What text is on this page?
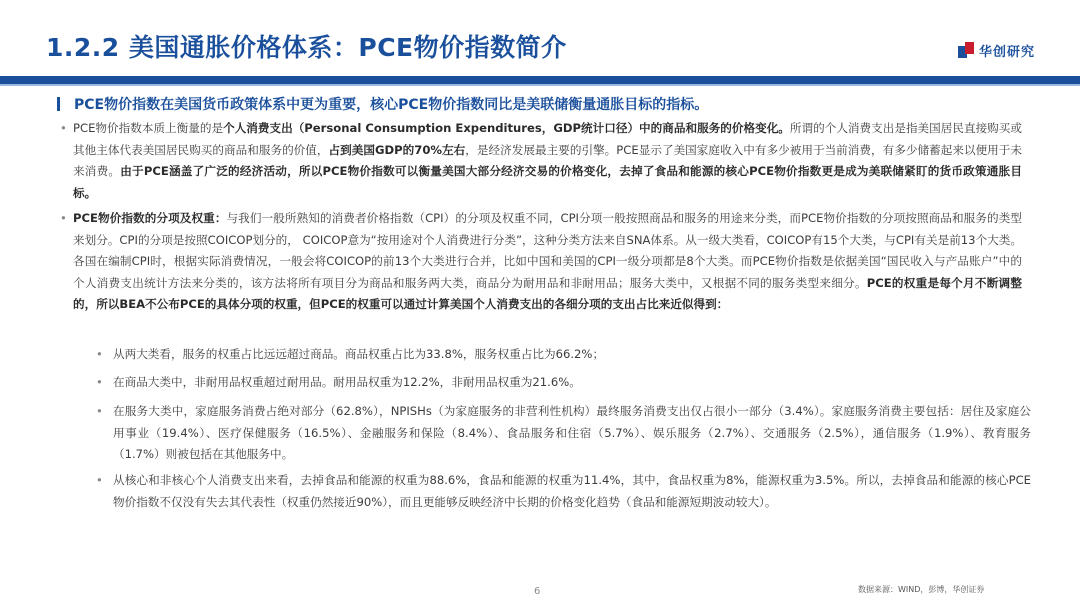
1.2.2 美国通胀价格体系：PCE物价指数简介	华创研究
PCE物价指数在美国货币政策体系中更为重要，核心PCE物价指数同比是美联储衡量通胀目标的指标。
• PCE物价指数本质上衡量的是个人消费支出（Personal Consumption Expenditures，GDP统计口径）中的商品和服务的价格变化。所谓的个人消费支出是指美国居民直接购买或其他主体代表美国居民购买的商品和服务的价值，占到美国GDP的70%左右，是经济发展最主要的引擎。PCE显示了美国家庭收入中有多少被用于当前消费，有多少储蓄起来以便用于未来消费。由于PCE涵盖了广泛的经济活动，所以PCE物价指数可以衡量美国大部分经济交易的价格变化，去掉了食品和能源的核心PCE物价指数更是成为美联储紧盯的货币政策通胀目标。
• PCE物价指数的分项及权重：与我们一般所熟知的消费者价格指数（CPI）的分项及权重不同，CPI分项一般按照商品和服务的用途来分类，而PCE物价指数的分项按照商品和服务的类型来划分。CPI的分项是按照COICOP划分的， COICOP意为“按用途对个人消费进行分类”，这种分类方法来自SNA体系。从一级大类看，COICOP有15个大类，与CPI有关是前13个大类。各国在编制CPI时，根据实际消费情况，一般会将COICOP的前13个大类进行合并，比如中国和美国的CPI一级分项都是8个大类。而PCE物价指数是依据美国“国民收入与产品账户”中的个人消费支出统计方法来分类的，该方法将所有项目分为商品和服务两大类，商品分为耐用品和非耐用品；服务大类中，又根据不同的服务类型来细分。PCE的权重是每个月不断调整的，所以BEA不公布PCE的具体分项的权重，但PCE的权重可以通过计算美国个人消费支出的各细分项的支出占比来近似得到：
• 从两大类看，服务的权重占比远远超过商品。商品权重占比为33.8%，服务权重占比为66.2%；
• 在商品大类中，非耐用品权重超过耐用品。耐用品权重为12.2%，非耐用品权重为21.6%。
• 在服务大类中，家庭服务消费占绝对部分（62.8%），NPISHs（为家庭服务的非营利性机构）最终服务消费支出仅占很小一部分（3.4%）。家庭服务消费主要包括：居住及家庭公用事业（19.4%）、医疗保健服务（16.5%）、金融服务和保险（8.4%）、食品服务和住宿（5.7%）、娱乐服务（2.7%）、交通服务（2.5%），通信服务（1.9%）、教育服务（1.7%）则被包括在其他服务中。
• 从核心和非核心个人消费支出来看，去掉食品和能源的权重为88.6%，食品和能源的权重为11.4%，其中，食品权重为8%，能源权重为3.5%。所以，去掉食品和能源的核心PCE物价指数不仅没有失去其代表性（权重仍然接近90%），而且更能够反映经济中长期的价格变化趋势（食品和能源短期波动较大）。
6	数据来源：WIND，彭博，华创证券
